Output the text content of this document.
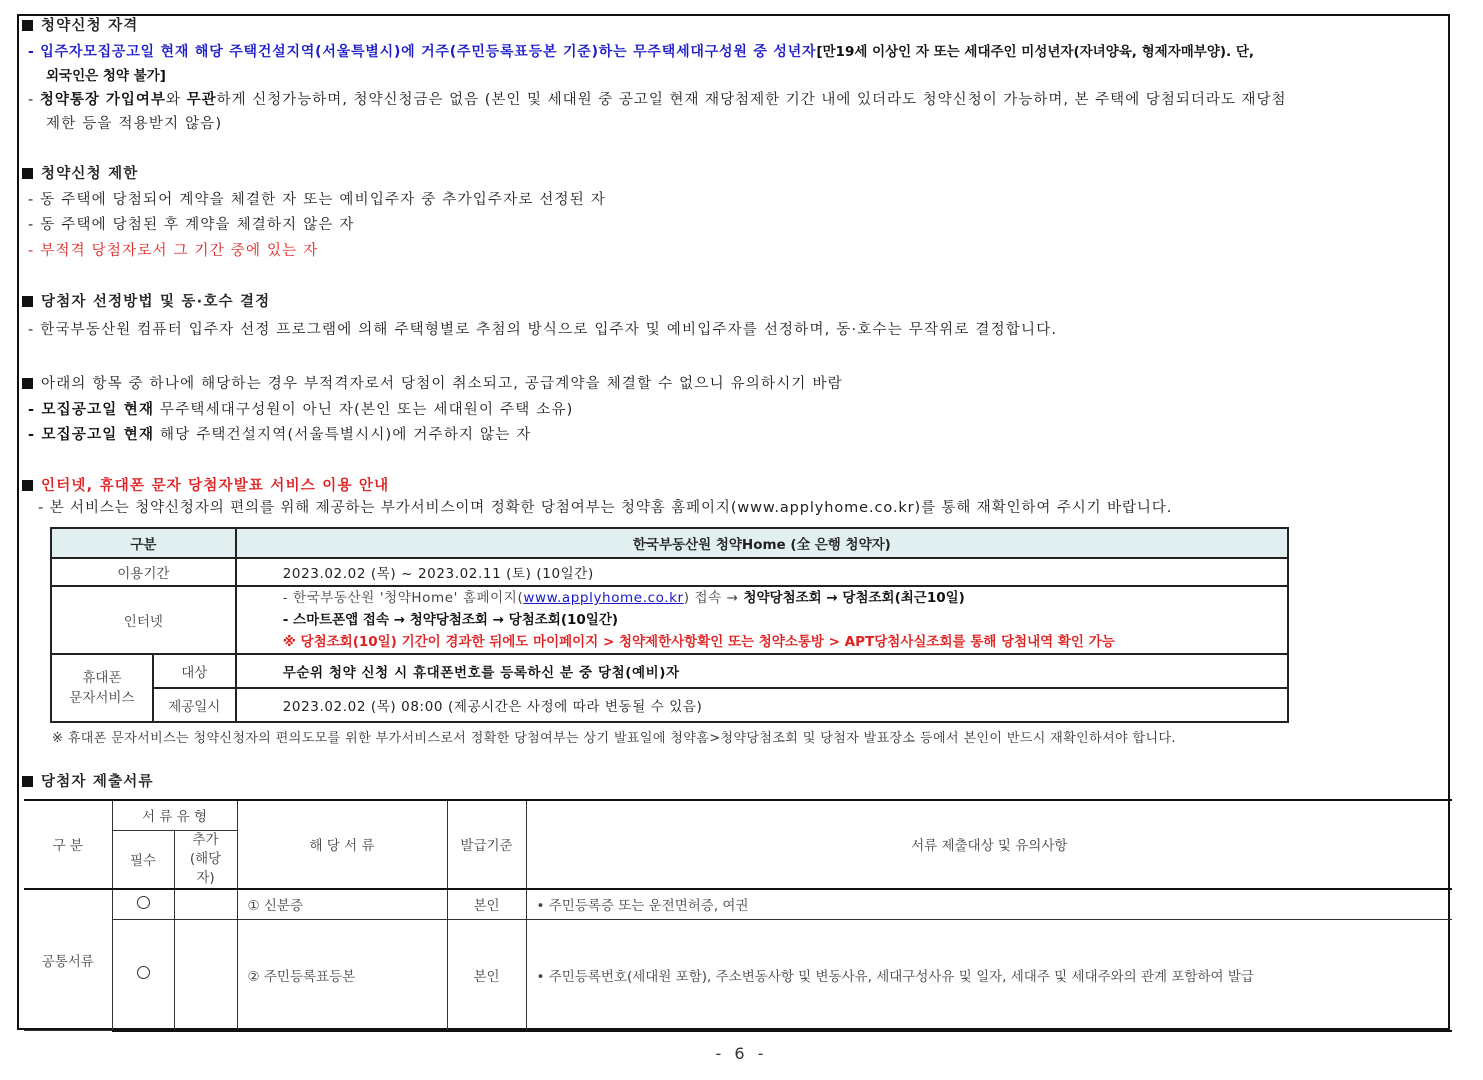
청약신청 자격
- 입주자모집공고일 현재 해당 주택건설지역(서울특별시)에 거주(주민등록표등본 기준)하는 무주택세대구성원 중 성년자[만19세 이상인 자 또는 세대주인 미성년자(자녀양육, 형제자매부양). 단,
외국인은 청약 불가]
- 청약통장 가입여부와 무관하게 신청가능하며, 청약신청금은 없음 (본인 및 세대원 중 공고일 현재 재당첨제한 기간 내에 있더라도 청약신청이 가능하며, 본 주택에 당첨되더라도 재당첨
제한 등을 적용받지 않음)
청약신청 제한
- 동 주택에 당첨되어 계약을 체결한 자 또는 예비입주자 중 추가입주자로 선정된 자
- 동 주택에 당첨된 후 계약을 체결하지 않은 자
- 부적격 당첨자로서 그 기간 중에 있는 자
당첨자 선정방법 및 동·호수 결정
- 한국부동산원 컴퓨터 입주자 선정 프로그램에 의해 주택형별로 추첨의 방식으로 입주자 및 예비입주자를 선정하며, 동·호수는 무작위로 결정합니다.
아래의 항목 중 하나에 해당하는 경우 부적격자로서 당첨이 취소되고, 공급계약을 체결할 수 없으니 유의하시기 바람
- 모집공고일 현재 무주택세대구성원이 아닌 자(본인 또는 세대원이 주택 소유)
- 모집공고일 현재 해당 주택건설지역(서울특별시시)에 거주하지 않는 자
인터넷, 휴대폰 문자 당첨자발표 서비스 이용 안내
- 본 서비스는 청약신청자의 편의를 위해 제공하는 부가서비스이며 정확한 당첨여부는 청약홈 홈페이지(www.applyhome.co.kr)를 통해 재확인하여 주시기 바랍니다.
구분		한국부동산원 청약Home (全 은행 청약자)
이용기간		2023.02.02 (목) ~ 2023.02.11 (토) (10일간)
인터넷		- 한국부동산원 '청약Home' 홈페이지(www.applyhome.co.kr) 접속 → 청약당첨조회 → 당첨조회(최근10일)
- 스마트폰앱 접속 → 청약당첨조회 → 당첨조회(10일간)
※ 당첨조회(10일) 기간이 경과한 뒤에도 마이페이지 > 청약제한사항확인 또는 청약소통방 > APT당첨사실조회를 통해 당첨내역 확인 가능

휴대폰
문자서비스	대상	무순위 청약 신청 시 휴대폰번호를 등록하신 분 중 당첨(예비)자
	제공일시	2023.02.02 (목) 08:00 (제공시간은 사정에 따라 변동될 수 있음)
※ 휴대폰 문자서비스는 청약신청자의 편의도모를 위한 부가서비스로서 정확한 당첨여부는 상기 발표일에 청약홈>청약당첨조회 및 당첨자 발표장소 등에서 본인이 반드시 재확인하셔야 합니다.
당첨자 제출서류
구 분	서 류 유 형		해 당 서 류	발급기준	서류 제출대상 및 유의사항
	필수	추가
(해당자)			

공통서류			① 신분증	본인	• 주민등록증 또는 운전면허증, 여권
			② 주민등록표등본	본인	• 주민등록번호(세대원 포함), 주소변동사항 및 변동사유, 세대구성사유 및 일자, 세대주 및 세대주와의 관계 포함하여 발급
- 6 -
